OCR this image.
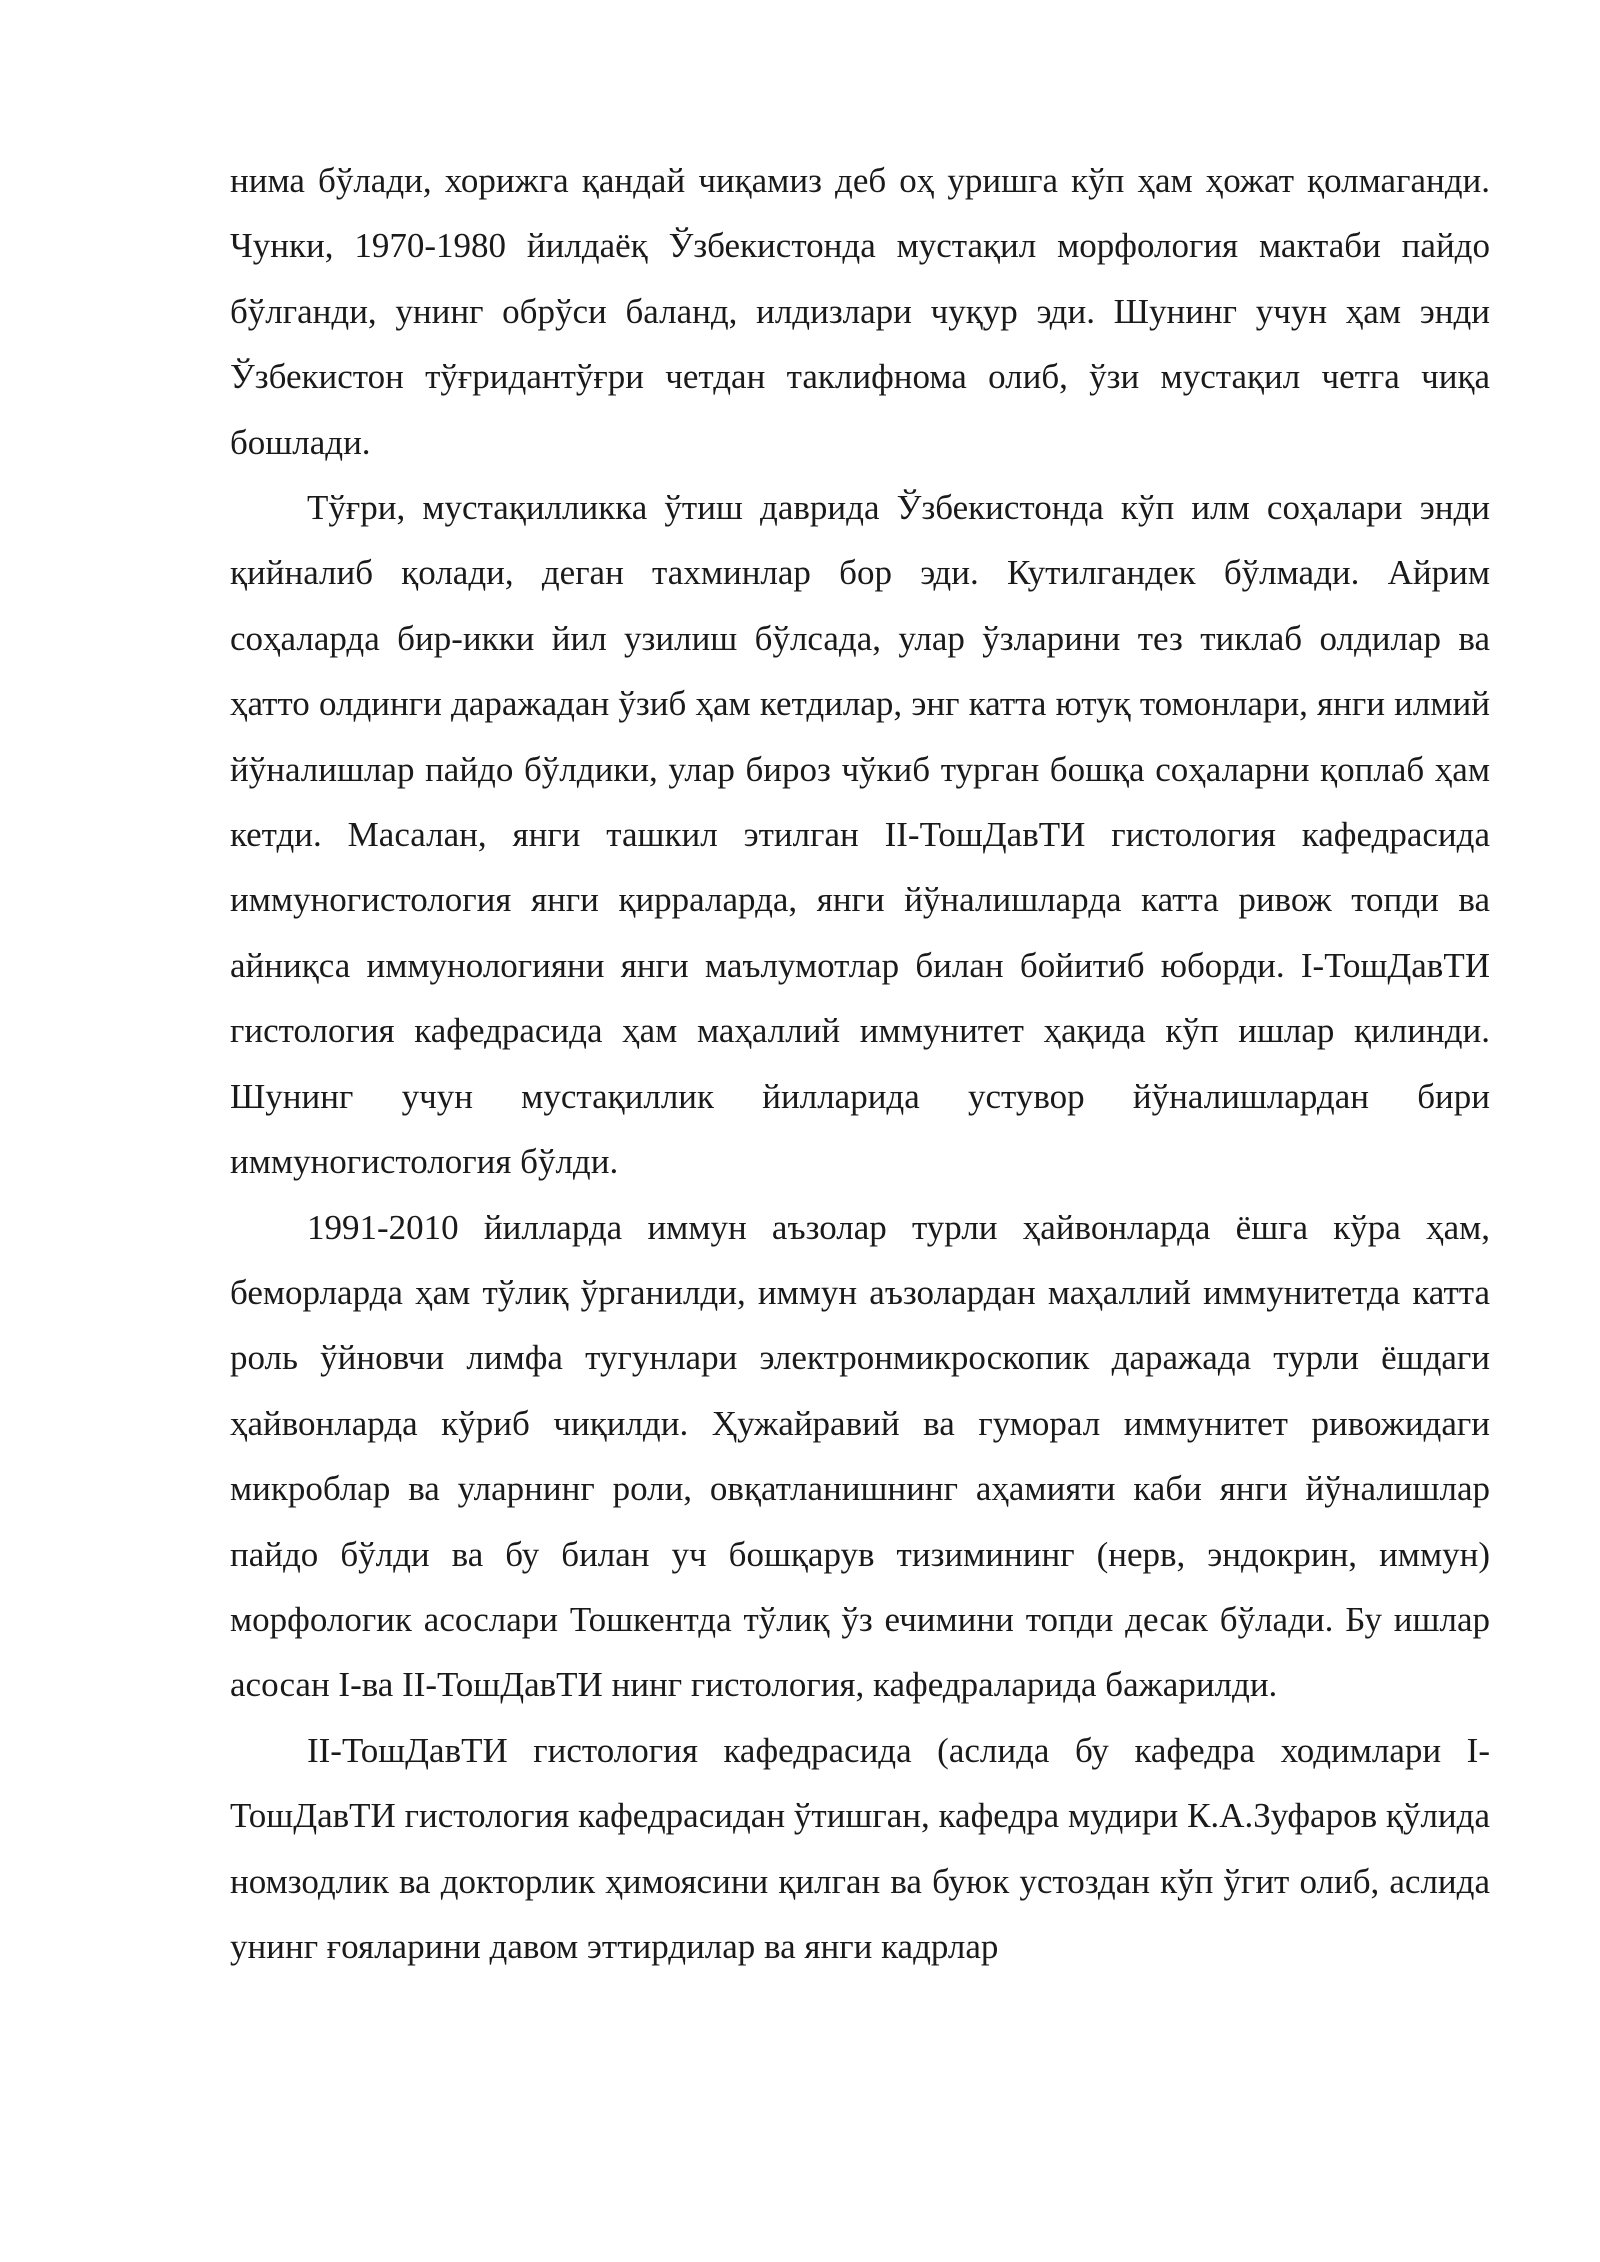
нима бўлади, хорижга қандай чиқамиз деб оҳ уришга кўп ҳам ҳожат қолмаганди. Чунки, 1970-1980 йилдаёқ Ўзбекистонда мустақил морфология мактаби пайдо бўлганди, унинг обрўси баланд, илдизлари чуқур эди. Шунинг учун ҳам энди Ўзбекистон тўғридантўғри четдан таклифнома олиб, ўзи мустақил четга чиқа бошлади.

Тўғри, мустақилликка ўтиш даврида Ўзбекистонда кўп илм соҳалари энди қийналиб қолади, деган тахминлар бор эди. Кутилгандек бўлмади. Айрим соҳаларда бир-икки йил узилиш бўлсада, улар ўзларини тез тиклаб олдилар ва ҳатто олдинги даражадан ўзиб ҳам кетдилар, энг катта ютуқ томонлари, янги илмий йўналишлар пайдо бўлдики, улар бироз чўкиб турган бошқа соҳаларни қоплаб ҳам кетди. Масалан, янги ташкил этилган II-ТошДавТИ гистология кафедрасида иммуногистология янги қирраларда, янги йўналишларда катта ривож топди ва айниқса иммунологияни янги маълумотлар билан бойитиб юборди. I-ТошДавТИ гистология кафедрасида ҳам маҳаллий иммунитет ҳақида кўп ишлар қилинди. Шунинг учун мустақиллик йилларида устувор йўналишлардан бири иммуногистология бўлди.

1991-2010 йилларда иммун аъзолар турли ҳайвонларда ёшга кўра ҳам, беморларда ҳам тўлиқ ўрганилди, иммун аъзолардан маҳаллий иммунитетда катта роль ўйновчи лимфа тугунлари электронмикроскопик даражада турли ёшдаги ҳайвонларда кўриб чиқилди. Ҳужайравий ва гуморал иммунитет ривожидаги микроблар ва уларнинг роли, овқатланишнинг аҳамияти каби янги йўналишлар пайдо бўлди ва бу билан уч бошқарув тизимининг (нерв, эндокрин, иммун) морфологик асослари Тошкентда тўлиқ ўз ечимини топди десак бўлади. Бу ишлар асосан I-ва II-ТошДавТИ нинг гистология, кафедраларида бажарилди.

II-ТошДавТИ гистология кафедрасида (аслида бу кафедра ходимлари I-ТошДавТИ гистология кафедрасидан ўтишган, кафедра мудири К.А.Зуфаров қўлида номзодлик ва докторлик ҳимоясини қилган ва буюк устоздан кўп ўгит олиб, аслида унинг ғояларини давом эттирдилар ва янги кадрлар
